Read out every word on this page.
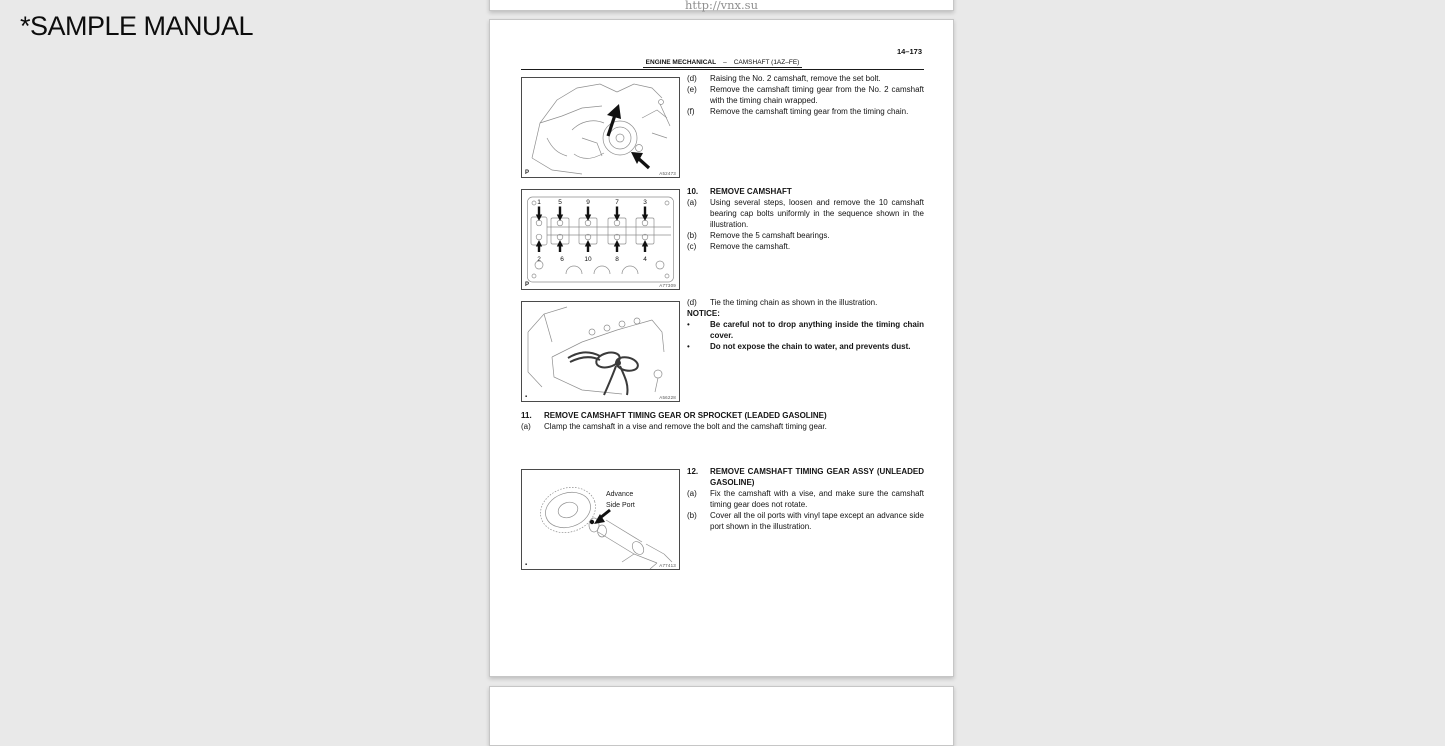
*SAMPLE MANUAL
http://vnx.su
14–173
ENGINE MECHANICAL – CAMSHAFT (1AZ–FE)
P	A52473
1	5	9	7	3
2	6	10	8	4
P	A77309
▪	A56228
Advance
Side Port
▪	A77413
(d)	Raising the No. 2 camshaft, remove the set bolt.
(e)	Remove the camshaft timing gear from the No. 2 camshaft with the timing chain wrapped.
(f)	Remove the camshaft timing gear from the timing chain.
10.	REMOVE CAMSHAFT
(a)	Using several steps, loosen and remove the 10 camshaft bearing cap bolts uniformly in the sequence shown in the illustration.
(b)	Remove the 5 camshaft bearings.
(c)	Remove the camshaft.
(d)	Tie the timing chain as shown in the illustration.
NOTICE:
•	Be careful not to drop anything inside the timing chain cover.
•	Do not expose the chain to water, and prevents dust.
11.	REMOVE CAMSHAFT TIMING GEAR OR SPROCKET (LEADED GASOLINE)
(a)	Clamp the camshaft in a vise and remove the bolt and the camshaft timing gear.
12.	REMOVE CAMSHAFT TIMING GEAR ASSY (UNLEADED GASOLINE)
(a)	Fix the camshaft with a vise, and make sure the camshaft timing gear does not rotate.
(b)	Cover all the oil ports with vinyl tape except an advance side port shown in the illustration.
